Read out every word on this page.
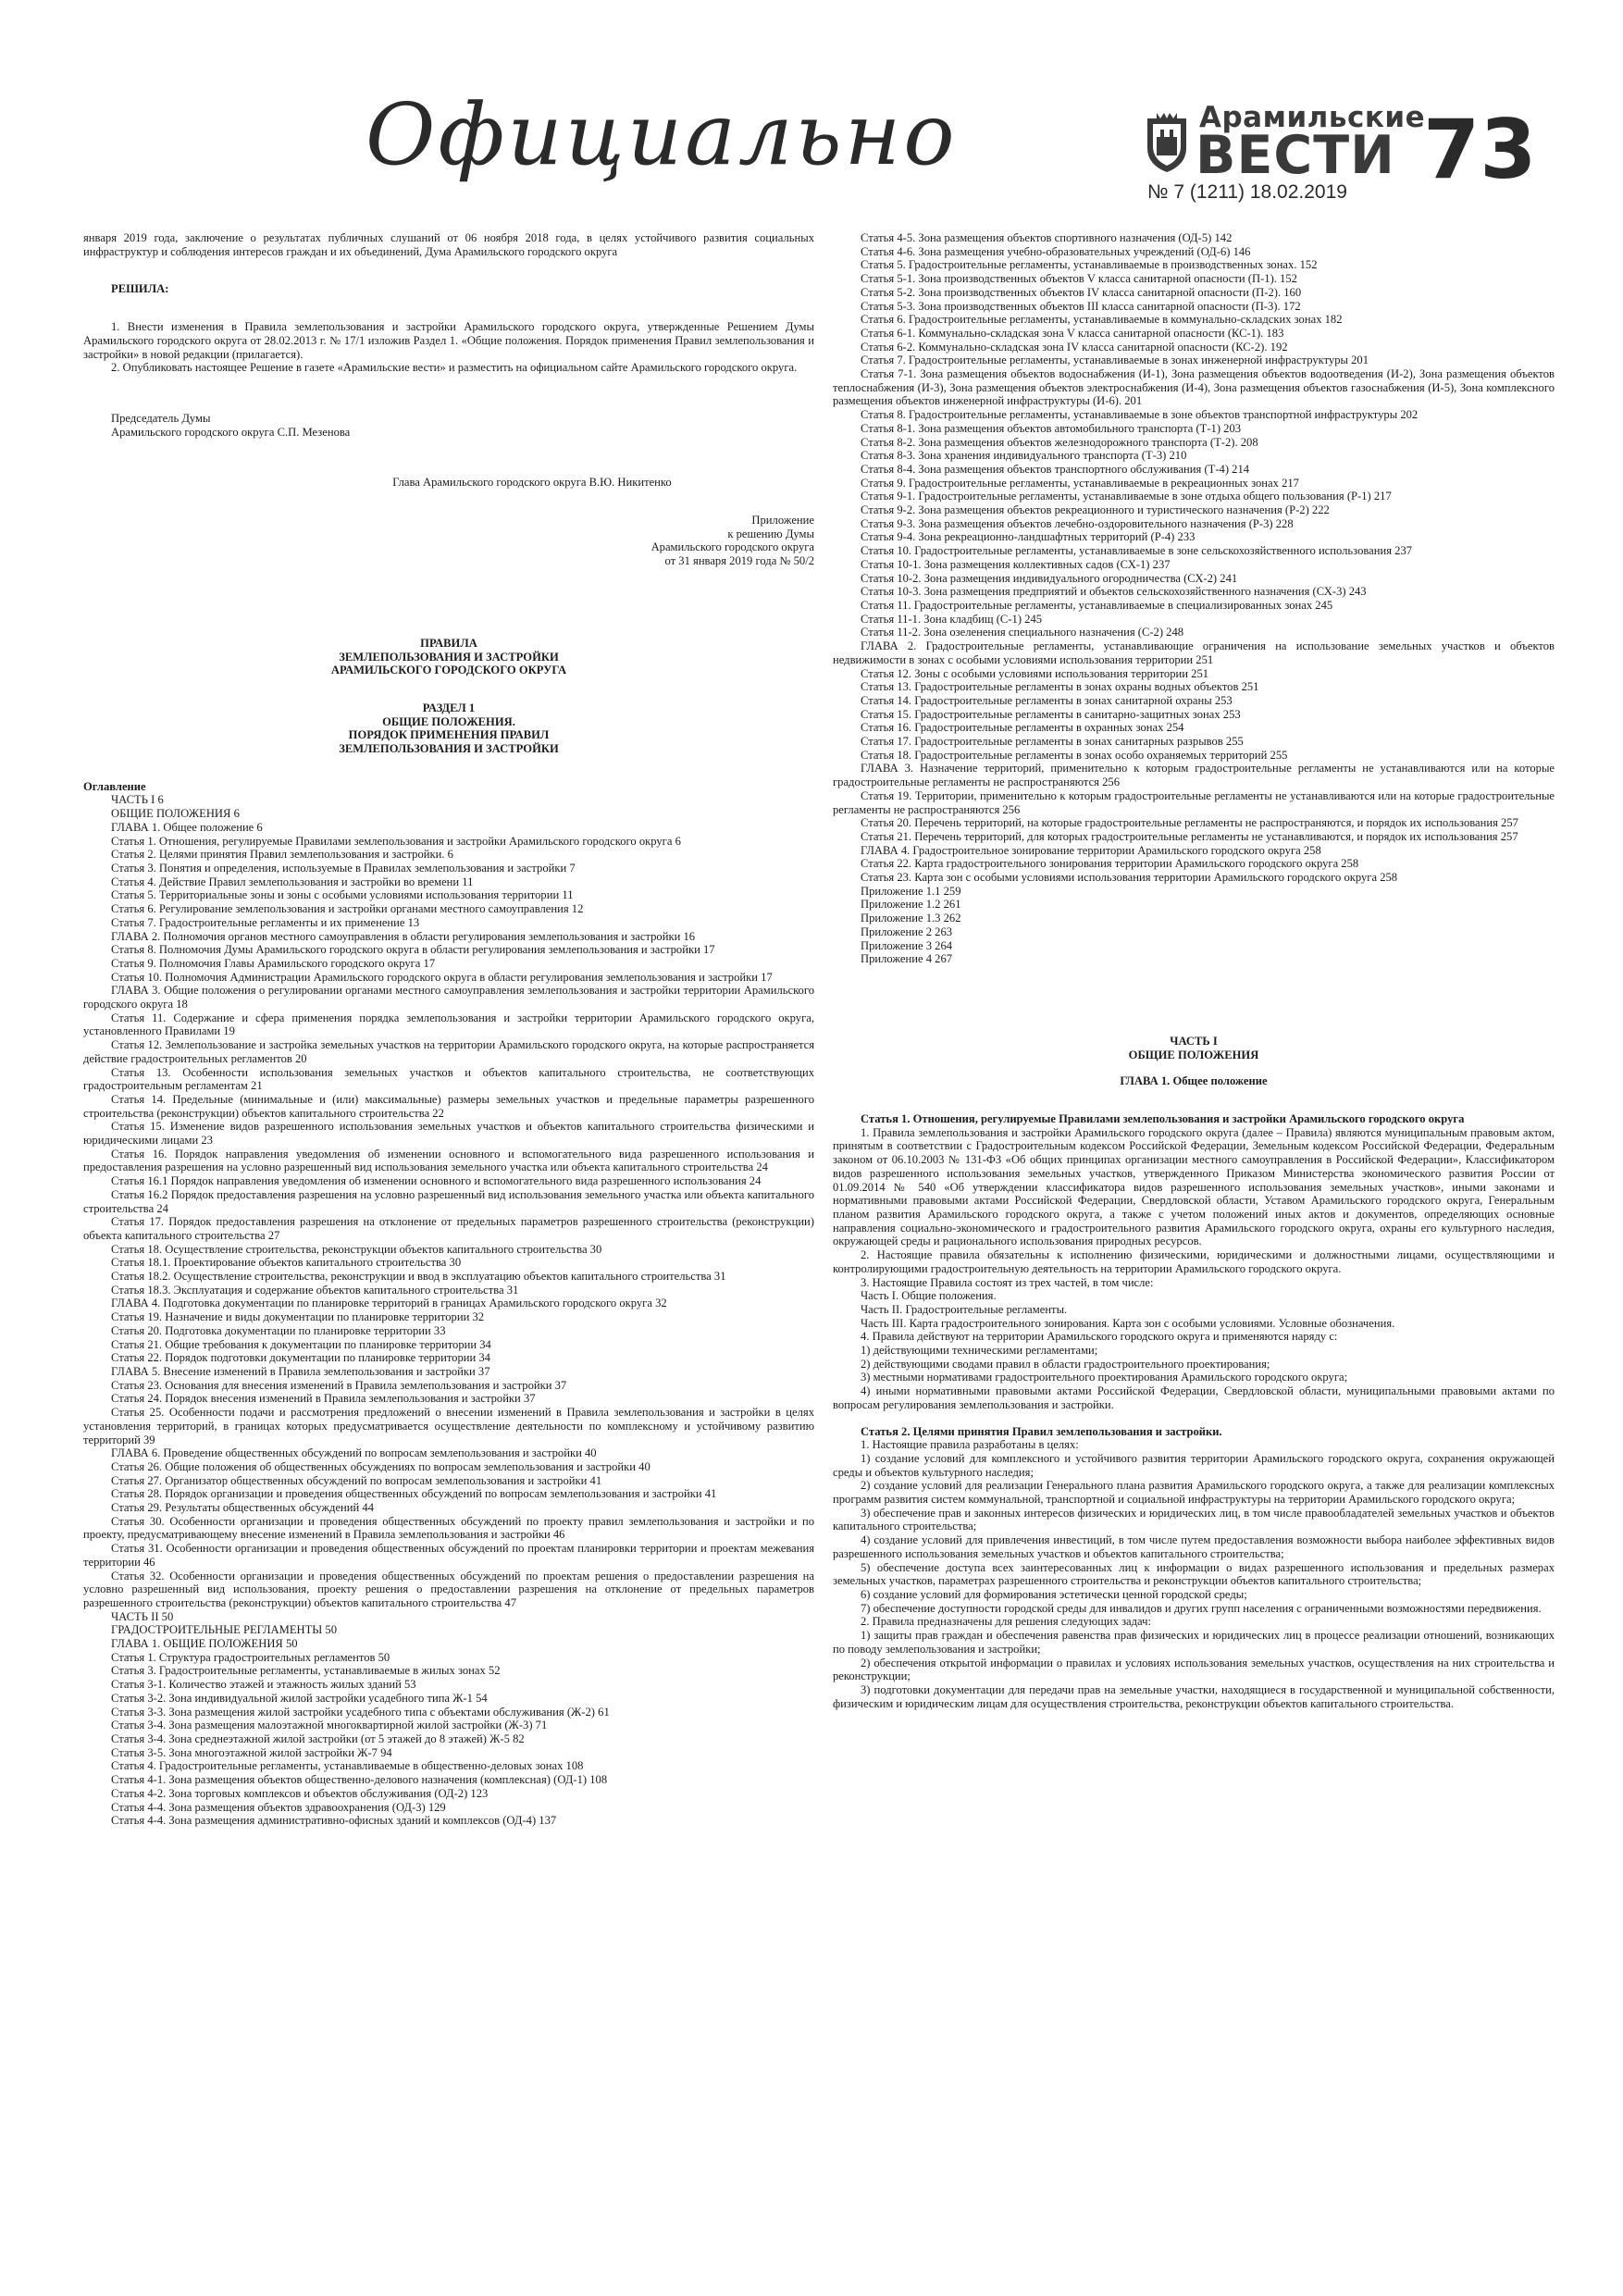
Официально	Арамильские
ВЕСТИ
№ 7 (1211) 18.02.2019 73

января 2019 года, заключение о результатах публичных слушаний от 06 ноября 2018 года, в целях устойчивого развития социальных инфраструктур и соблюдения интересов граждан и их объединений, Дума Арамильского городского округа

РЕШИЛА:

1. Внести изменения в Правила землепользования и застройки Арамильского городского округа, утвержденные Решением Думы Арамильского городского округа от 28.02.2013 г. № 17/1 изложив Раздел 1. «Общие положения. Порядок применения Правил землепользования и застройки» в новой редакции (прилагается).

2. Опубликовать настоящее Решение в газете «Арамильские вести» и разместить на официальном сайте Арамильского городского округа.

Председатель Думы

Арамильского городского округа С.П. Мезенова

Глава Арамильского городского округа В.Ю. Никитенко

Приложение

к решению Думы

Арамильского городского округа

от 31 января 2019 года № 50/2

ПРАВИЛА

ЗЕМЛЕПОЛЬЗОВАНИЯ И ЗАСТРОЙКИ

АРАМИЛЬСКОГО ГОРОДСКОГО ОКРУГА

РАЗДЕЛ 1

ОБЩИЕ ПОЛОЖЕНИЯ.

ПОРЯДОК ПРИМЕНЕНИЯ ПРАВИЛ

ЗЕМЛЕПОЛЬЗОВАНИЯ И ЗАСТРОЙКИ

Оглавление

ЧАСТЬ I 6

ОБЩИЕ ПОЛОЖЕНИЯ 6

ГЛАВА 1. Общее положение 6

Статья 1. Отношения, регулируемые Правилами землепользования и застройки Арамильского городского округа 6

Статья 2. Целями принятия Правил землепользования и застройки. 6

Статья 3. Понятия и определения, используемые в Правилах землепользования и застройки 7

Статья 4. Действие Правил землепользования и застройки во времени 11

Статья 5. Территориальные зоны и зоны с особыми условиями использования территории 11

Статья 6. Регулирование землепользования и застройки органами местного самоуправления 12

Статья 7. Градостроительные регламенты и их применение 13

ГЛАВА 2. Полномочия органов местного самоуправления в области регулирования землепользования и застройки 16

Статья 8. Полномочия Думы Арамильского городского округа в области регулирования землепользования и застройки 17

Статья 9. Полномочия Главы Арамильского городского округа 17

Статья 10. Полномочия Администрации Арамильского городского округа в области регулирования землепользования и застройки 17

ГЛАВА 3. Общие положения о регулировании органами местного самоуправления землепользования и застройки территории Арамильского городского округа 18

Статья 11. Содержание и сфера применения порядка землепользования и застройки территории Арамильского городского округа, установленного Правилами 19

Статья 12. Землепользование и застройка земельных участков на территории Арамильского городского округа, на которые распространяется действие градостроительных регламентов 20

Статья 13. Особенности использования земельных участков и объектов капитального строительства, не соответствующих градостроительным регламентам 21

Статья 14. Предельные (минимальные и (или) максимальные) размеры земельных участков и предельные параметры разрешенного строительства (реконструкции) объектов капитального строительства 22

Статья 15. Изменение видов разрешенного использования земельных участков и объектов капитального строительства физическими и юридическими лицами 23

Статья 16. Порядок направления уведомления об изменении основного и вспомогательного вида разрешенного использования и предоставления разрешения на условно разрешенный вид использования земельного участка или объекта капитального строительства 24

Статья 16.1 Порядок направления уведомления об изменении основного и вспомогательного вида разрешенного использования 24

Статья 16.2 Порядок предоставления разрешения на условно разрешенный вид использования земельного участка или объекта капитального строительства 24

Статья 17. Порядок предоставления разрешения на отклонение от предельных параметров разрешенного строительства (реконструкции) объекта капитального строительства 27

Статья 18. Осуществление строительства, реконструкции объектов капитального строительства 30

Статья 18.1. Проектирование объектов капитального строительства 30

Статья 18.2. Осуществление строительства, реконструкции и ввод в эксплуатацию объектов капитального строительства 31

Статья 18.3. Эксплуатация и содержание объектов капитального строительства 31

ГЛАВА 4. Подготовка документации по планировке территорий в границах Арамильского городского округа 32

Статья 19. Назначение и виды документации по планировке территории 32

Статья 20. Подготовка документации по планировке территории 33

Статья 21. Общие требования к документации по планировке территории 34

Статья 22. Порядок подготовки документации по планировке территории 34

ГЛАВА 5. Внесение изменений в Правила землепользования и застройки 37

Статья 23. Основания для внесения изменений в Правила землепользования и застройки 37

Статья 24. Порядок внесения изменений в Правила землепользования и застройки 37

Статья 25. Особенности подачи и рассмотрения предложений о внесении изменений в Правила землепользования и застройки в целях установления территорий, в границах которых предусматривается осуществление деятельности по комплексному и устойчивому развитию территорий 39

ГЛАВА 6. Проведение общественных обсуждений по вопросам землепользования и застройки 40

Статья 26. Общие положения об общественных обсуждениях по вопросам землепользования и застройки 40

Статья 27. Организатор общественных обсуждений по вопросам землепользования и застройки 41

Статья 28. Порядок организации и проведения общественных обсуждений по вопросам землепользования и застройки 41

Статья 29. Результаты общественных обсуждений 44

Статья 30. Особенности организации и проведения общественных обсуждений по проекту правил землепользования и застройки и по проекту, предусматривающему внесение изменений в Правила землепользования и застройки 46

Статья 31. Особенности организации и проведения общественных обсуждений по проектам планировки территории и проектам межевания территории 46

Статья 32. Особенности организации и проведения общественных обсуждений по проектам решения о предоставлении разрешения на условно разрешенный вид использования, проекту решения о предоставлении разрешения на отклонение от предельных параметров разрешенного строительства (реконструкции) объектов капитального строительства 47

ЧАСТЬ II 50

ГРАДОСТРОИТЕЛЬНЫЕ РЕГЛАМЕНТЫ 50

ГЛАВА 1. ОБЩИЕ ПОЛОЖЕНИЯ 50

Статья 1. Структура градостроительных регламентов 50

Статья 3. Градостроительные регламенты, устанавливаемые в жилых зонах 52

Статья 3-1. Количество этажей и этажность жилых зданий 53

Статья 3-2. Зона индивидуальной жилой застройки усадебного типа Ж-1 54

Статья 3-3. Зона размещения жилой застройки усадебного типа с объектами обслуживания (Ж-2) 61

Статья 3-4. Зона размещения малоэтажной многоквартирной жилой застройки (Ж-3) 71

Статья 3-4. Зона среднеэтажной жилой застройки (от 5 этажей до 8 этажей) Ж-5 82

Статья 3-5. Зона многоэтажной жилой застройки Ж-7 94

Статья 4. Градостроительные регламенты, устанавливаемые в общественно-деловых зонах 108

Статья 4-1. Зона размещения объектов общественно-делового назначения (комплексная) (ОД-1) 108

Статья 4-2. Зона торговых комплексов и объектов обслуживания (ОД-2) 123

Статья 4-4. Зона размещения объектов здравоохранения (ОД-3) 129

Статья 4-4. Зона размещения административно-офисных зданий и комплексов (ОД-4) 137

Статья 4-5. Зона размещения объектов спортивного назначения (ОД-5) 142

Статья 4-6. Зона размещения учебно-образовательных учреждений (ОД-6) 146

Статья 5. Градостроительные регламенты, устанавливаемые в производственных зонах. 152

Статья 5-1. Зона производственных объектов V класса санитарной опасности (П-1). 152

Статья 5-2. Зона производственных объектов IV класса санитарной опасности (П-2). 160

Статья 5-3. Зона производственных объектов III класса санитарной опасности (П-3). 172

Статья 6. Градостроительные регламенты, устанавливаемые в коммунально-складских зонах 182

Статья 6-1. Коммунально-складская зона V класса санитарной опасности (КС-1). 183

Статья 6-2. Коммунально-складская зона IV класса санитарной опасности (КС-2). 192

Статья 7. Градостроительные регламенты, устанавливаемые в зонах инженерной инфраструктуры 201

Статья 7-1. Зона размещения объектов водоснабжения (И-1), Зона размещения объектов водоотведения (И-2), Зона размещения объектов теплоснабжения (И-3), Зона размещения объектов электроснабжения (И-4), Зона размещения объектов газоснабжения (И-5), Зона комплексного размещения объектов инженерной инфраструктуры (И-6). 201

Статья 8. Градостроительные регламенты, устанавливаемые в зоне объектов транспортной инфраструктуры 202

Статья 8-1. Зона размещения объектов автомобильного транспорта (Т-1) 203

Статья 8-2. Зона размещения объектов железнодорожного транспорта (Т-2). 208

Статья 8-3. Зона хранения индивидуального транспорта (Т-3) 210

Статья 8-4. Зона размещения объектов транспортного обслуживания (Т-4) 214

Статья 9. Градостроительные регламенты, устанавливаемые в рекреационных зонах 217

Статья 9-1. Градостроительные регламенты, устанавливаемые в зоне отдыха общего пользования (Р-1) 217

Статья 9-2. Зона размещения объектов рекреационного и туристического назначения (Р-2) 222

Статья 9-3. Зона размещения объектов лечебно-оздоровительного назначения (Р-3) 228

Статья 9-4. Зона рекреационно-ландшафтных территорий (Р-4) 233

Статья 10. Градостроительные регламенты, устанавливаемые в зоне сельскохозяйственного использования 237

Статья 10-1. Зона размещения коллективных садов (СХ-1) 237

Статья 10-2. Зона размещения индивидуального огородничества (СХ-2) 241

Статья 10-3. Зона размещения предприятий и объектов сельскохозяйственного назначения (СХ-3) 243

Статья 11. Градостроительные регламенты, устанавливаемые в специализированных зонах 245

Статья 11-1. Зона кладбищ (С-1) 245

Статья 11-2. Зона озеленения специального назначения (С-2) 248

ГЛАВА 2. Градостроительные регламенты, устанавливающие ограничения на использование земельных участков и объектов недвижимости в зонах с особыми условиями использования территории 251

Статья 12. Зоны с особыми условиями использования территории 251

Статья 13. Градостроительные регламенты в зонах охраны водных объектов 251

Статья 14. Градостроительные регламенты в зонах санитарной охраны 253

Статья 15. Градостроительные регламенты в санитарно-защитных зонах 253

Статья 16. Градостроительные регламенты в охранных зонах 254

Статья 17. Градостроительные регламенты в зонах санитарных разрывов 255

Статья 18. Градостроительные регламенты в зонах особо охраняемых территорий 255

ГЛАВА 3. Назначение территорий, применительно к которым градостроительные регламенты не устанавливаются или на которые градостроительные регламенты не распространяются 256

Статья 19. Территории, применительно к которым градостроительные регламенты не устанавливаются или на которые градостроительные регламенты не распространяются 256

Статья 20. Перечень территорий, на которые градостроительные регламенты не распространяются, и порядок их использования 257

Статья 21. Перечень территорий, для которых градостроительные регламенты не устанавливаются, и порядок их использования 257

ГЛАВА 4. Градостроительное зонирование территории Арамильского городского округа 258

Статья 22. Карта градостроительного зонирования территории Арамильского городского округа 258

Статья 23. Карта зон с особыми условиями использования территории Арамильского городского округа 258

Приложение 1.1 259

Приложение 1.2 261

Приложение 1.3 262

Приложение 2 263

Приложение 3 264

Приложение 4 267

ЧАСТЬ I

ОБЩИЕ ПОЛОЖЕНИЯ

ГЛАВА 1. Общее положение

Статья 1. Отношения, регулируемые Правилами землепользования и застройки Арамильского городского округа

1. Правила землепользования и застройки Арамильского городского округа (далее – Правила) являются муниципальным правовым актом, принятым в соответствии с Градостроительным кодексом Российской Федерации, Земельным кодексом Российской Федерации, Федеральным законом от 06.10.2003 № 131-ФЗ «Об общих принципах организации местного самоуправления в Российской Федерации», Классификатором видов разрешенного использования земельных участков, утвержденного Приказом Министерства экономического развития России от 01.09.2014 № 540 «Об утверждении классификатора видов разрешенного использования земельных участков», иными законами и нормативными правовыми актами Российской Федерации, Свердловской области, Уставом Арамильского городского округа, Генеральным планом развития Арамильского городского округа, а также с учетом положений иных актов и документов, определяющих основные направления социально-экономического и градостроительного развития Арамильского городского округа, охраны его культурного наследия, окружающей среды и рационального использования природных ресурсов.

2. Настоящие правила обязательны к исполнению физическими, юридическими и должностными лицами, осуществляющими и контролирующими градостроительную деятельность на территории Арамильского городского округа.

3. Настоящие Правила состоят из трех частей, в том числе:

Часть I. Общие положения.

Часть II. Градостроительные регламенты.

Часть III. Карта градостроительного зонирования. Карта зон с особыми условиями. Условные обозначения.

4. Правила действуют на территории Арамильского городского округа и применяются наряду с:

1) действующими техническими регламентами;

2) действующими сводами правил в области градостроительного проектирования;

3) местными нормативами градостроительного проектирования Арамильского городского округа;

4) иными нормативными правовыми актами Российской Федерации, Свердловской области, муниципальными правовыми актами по вопросам регулирования землепользования и застройки.

Статья 2. Целями принятия Правил землепользования и застройки.

1. Настоящие правила разработаны в целях:

1) создание условий для комплексного и устойчивого развития территории Арамильского городского округа, сохранения окружающей среды и объектов культурного наследия;

2) создание условий для реализации Генерального плана развития Арамильского городского округа, а также для реализации комплексных программ развития систем коммунальной, транспортной и социальной инфраструктуры на территории Арамильского городского округа;

3) обеспечение прав и законных интересов физических и юридических лиц, в том числе правообладателей земельных участков и объектов капитального строительства;

4) создание условий для привлечения инвестиций, в том числе путем предоставления возможности выбора наиболее эффективных видов разрешенного использования земельных участков и объектов капитального строительства;

5) обеспечение доступа всех заинтересованных лиц к информации о видах разрешенного использования и предельных размерах земельных участков, параметрах разрешенного строительства и реконструкции объектов капитального строительства;

6) создание условий для формирования эстетически ценной городской среды;

7) обеспечение доступности городской среды для инвалидов и других групп населения с ограниченными возможностями передвижения.

2. Правила предназначены для решения следующих задач:

1) защиты прав граждан и обеспечения равенства прав физических и юридических лиц в процессе реализации отношений, возникающих по поводу землепользования и застройки;

2) обеспечения открытой информации о правилах и условиях использования земельных участков, осуществления на них строительства и реконструкции;

3) подготовки документации для передачи прав на земельные участки, находящиеся в государственной и муниципальной собственности, физическим и юридическим лицам для осуществления строительства, реконструкции объектов капитального строительства.
